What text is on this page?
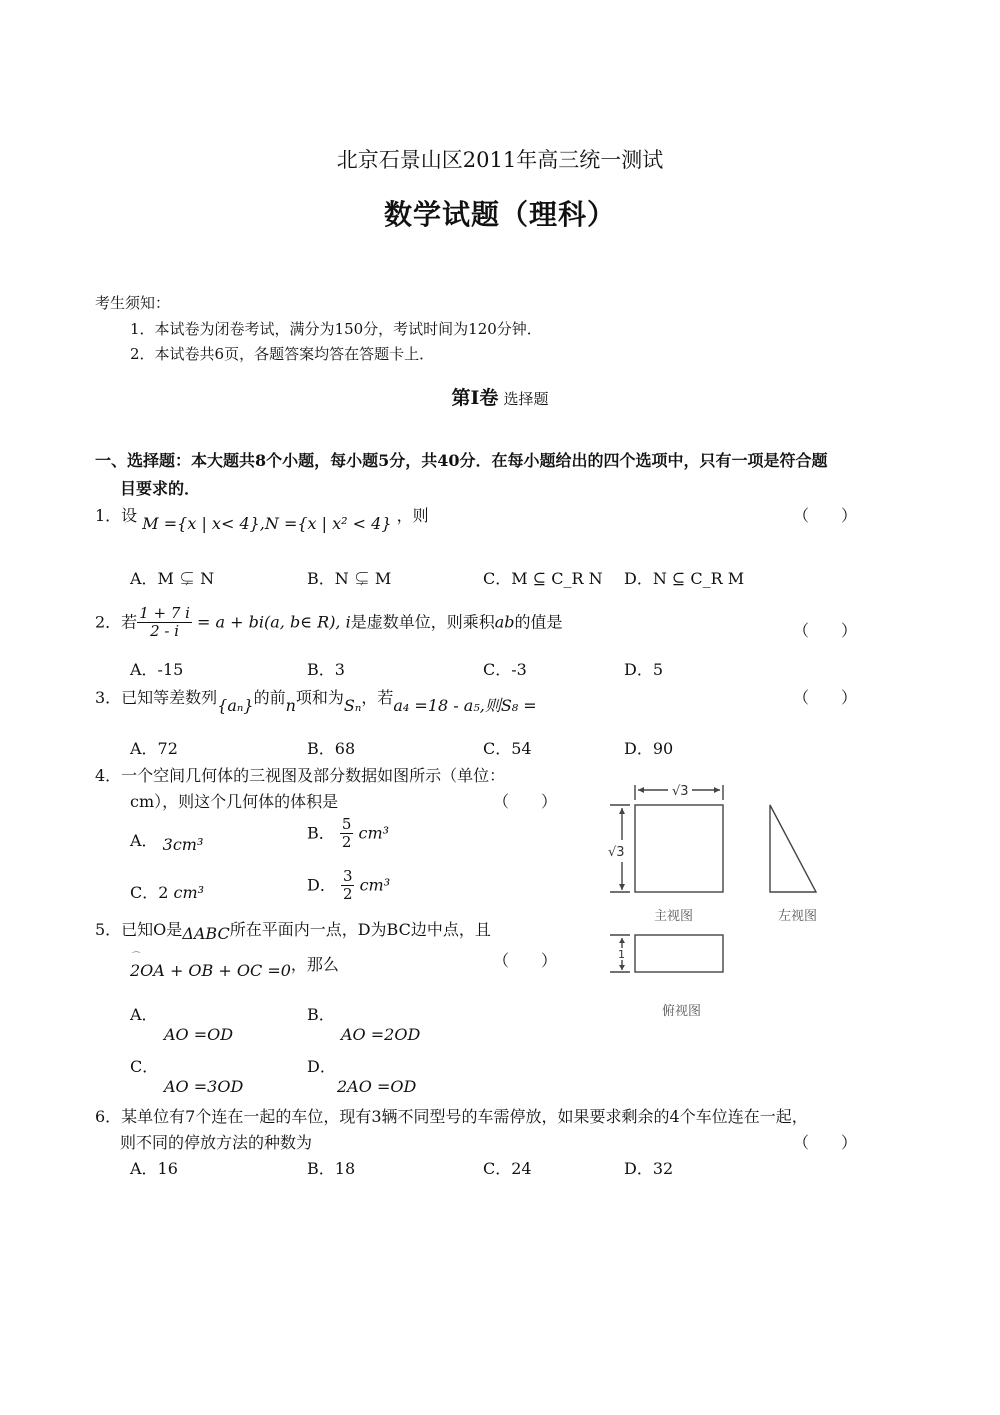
北京石景山区2011年高三统一测试
数学试题（理科）
考生须知：
1．本试卷为闭卷考试，满分为150分，考试时间为120分钟．
2．本试卷共6页，各题答案均答在答题卡上．
第Ⅰ卷 选择题
一、选择题：本大题共8个小题，每小题5分，共40分．在每小题给出的四个选项中，只有一项是符合题
目要求的．
1．设 M ={x | x< 4},N ={x | x² < 4} ，则	（　　）
A．M ⊊ N	B．N ⊊ M	C．M ⊆ C_R N D．N ⊆ C_R M
2．若 $\frac{1 + 7 i}{2 - i} = a + bi(a$, b∈ R), i是虚数单位，则乘积ab的值是	（　　）
A．-15	B．3	C．-3	D．5
3．已知等差数列{aₙ}的前n项和为Sₙ，若a₄ =18 - a₅,则S₈ =	（　　）
A．72	B．68	C．54	D．90
4．一个空间几何体的三视图及部分数据如图所示（单位：
cm），则这个几何体的体积是	（　　）
A． 3cm³
B． $\frac{5}{2} cm^3$
C．2 cm³	D． $\frac{3}{2} cm^3$
√3
√3
1
主视图	左视图
俯视图
5．已知O是ΔABC所在平面内一点，D为BC边中点，且
⌒ 2OA + OB + OC =0，那么	（　　）
A．
AO =OD
B．
AO =2OD
C．
AO =3OD
D．
2AO =OD
6．某单位有7个连在一起的车位，现有3辆不同型号的车需停放，如果要求剩余的4个车位连在一起，
则不同的停放方法的种数为	（　　）
A．16	B．18	C．24	D．32
